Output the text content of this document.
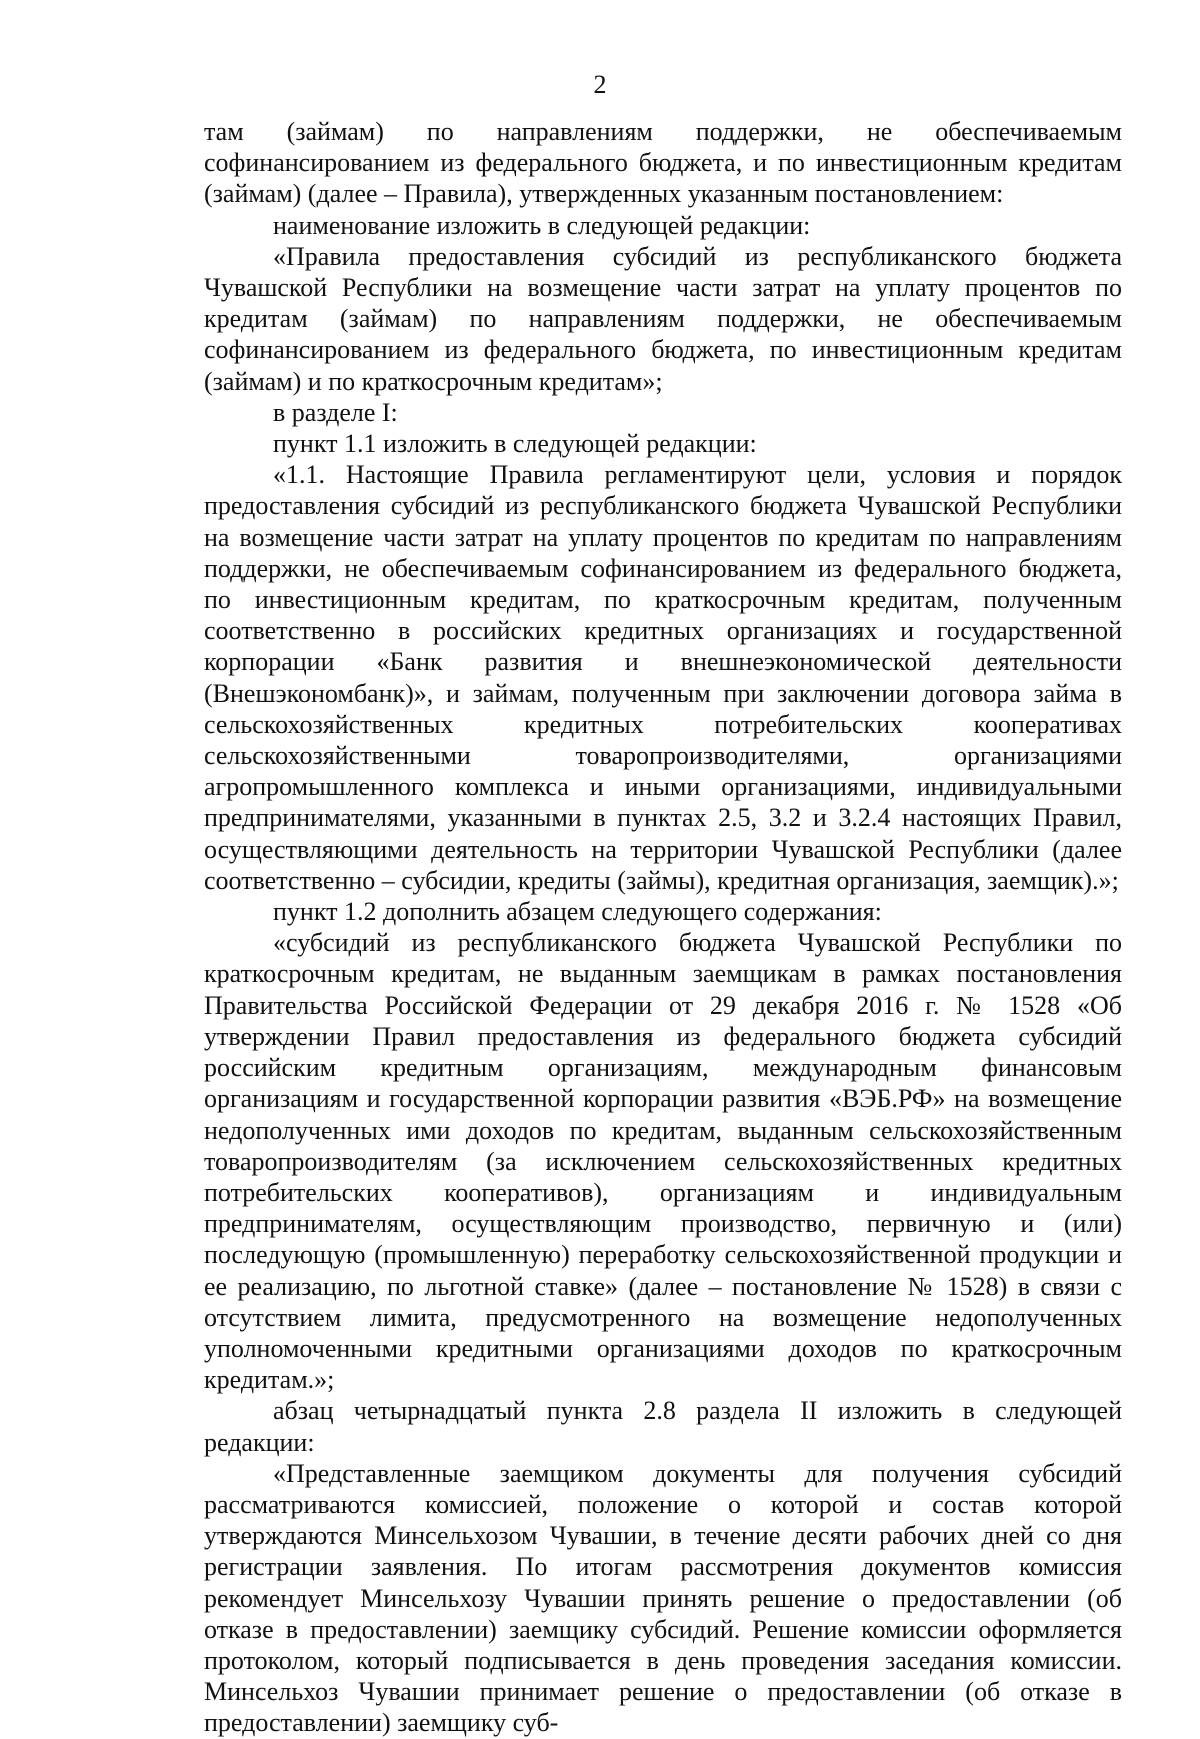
2

там (займам) по направлениям поддержки, не обеспечиваемым софинансированием из федерального бюджета, и по инвестиционным кредитам (займам) (далее – Правила), утвержденных указанным постановлением:

наименование изложить в следующей редакции:

«Правила предоставления субсидий из республиканского бюджета Чувашской Республики на возмещение части затрат на уплату процентов по кредитам (займам) по направлениям поддержки, не обеспечиваемым софинансированием из федерального бюджета, по инвестиционным кредитам (займам) и по краткосрочным кредитам»;

в разделе I:

пункт 1.1 изложить в следующей редакции:

«1.1. Настоящие Правила регламентируют цели, условия и порядок предоставления субсидий из республиканского бюджета Чувашской Республики на возмещение части затрат на уплату процентов по кредитам по направлениям поддержки, не обеспечиваемым софинансированием из федерального бюджета, по инвестиционным кредитам, по краткосрочным кредитам, полученным соответственно в российских кредитных организациях и государственной корпорации «Банк развития и внешнеэкономической деятельности (Внешэкономбанк)», и займам, полученным при заключении договора займа в сельскохозяйственных кредитных потребительских кооперативах сельскохозяйственными товаропроизводителями, организациями агропромышленного комплекса и иными организациями, индивидуальными предпринимателями, указанными в пунктах 2.5, 3.2 и 3.2.4 настоящих Правил, осуществляющими деятельность на территории Чувашской Республики (далее соответственно – субсидии, кредиты (займы), кредитная организация, заемщик).»;

пункт 1.2 дополнить абзацем следующего содержания:

«субсидий из республиканского бюджета Чувашской Республики по краткосрочным кредитам, не выданным заемщикам в рамках постановления Правительства Российской Федерации от 29 декабря 2016 г. № 1528 «Об утверждении Правил предоставления из федерального бюджета субсидий российским кредитным организациям, международным финансовым организациям и государственной корпорации развития «ВЭБ.РФ» на возмещение недополученных ими доходов по кредитам, выданным сельскохозяйственным товаропроизводителям (за исключением сельскохозяйственных кредитных потребительских кооперативов), организациям и индивидуальным предпринимателям, осуществляющим производство, первичную и (или) последующую (промышленную) переработку сельскохозяйственной продукции и ее реализацию, по льготной ставке» (далее – постановление № 1528) в связи с отсутствием лимита, предусмотренного на возмещение недополученных уполномоченными кредитными организациями доходов по краткосрочным кредитам.»;

абзац четырнадцатый пункта 2.8 раздела II изложить в следующей редакции:

«Представленные заемщиком документы для получения субсидий рассматриваются комиссией, положение о которой и состав которой утверждаются Минсельхозом Чувашии, в течение десяти рабочих дней со дня регистрации заявления. По итогам рассмотрения документов комиссия рекомендует Минсельхозу Чувашии принять решение о предоставлении (об отказе в предоставлении) заемщику субсидий. Решение комиссии оформляется протоколом, который подписывается в день проведения заседания комиссии. Минсельхоз Чувашии принимает решение о предоставлении (об отказе в предоставлении) заемщику суб-
